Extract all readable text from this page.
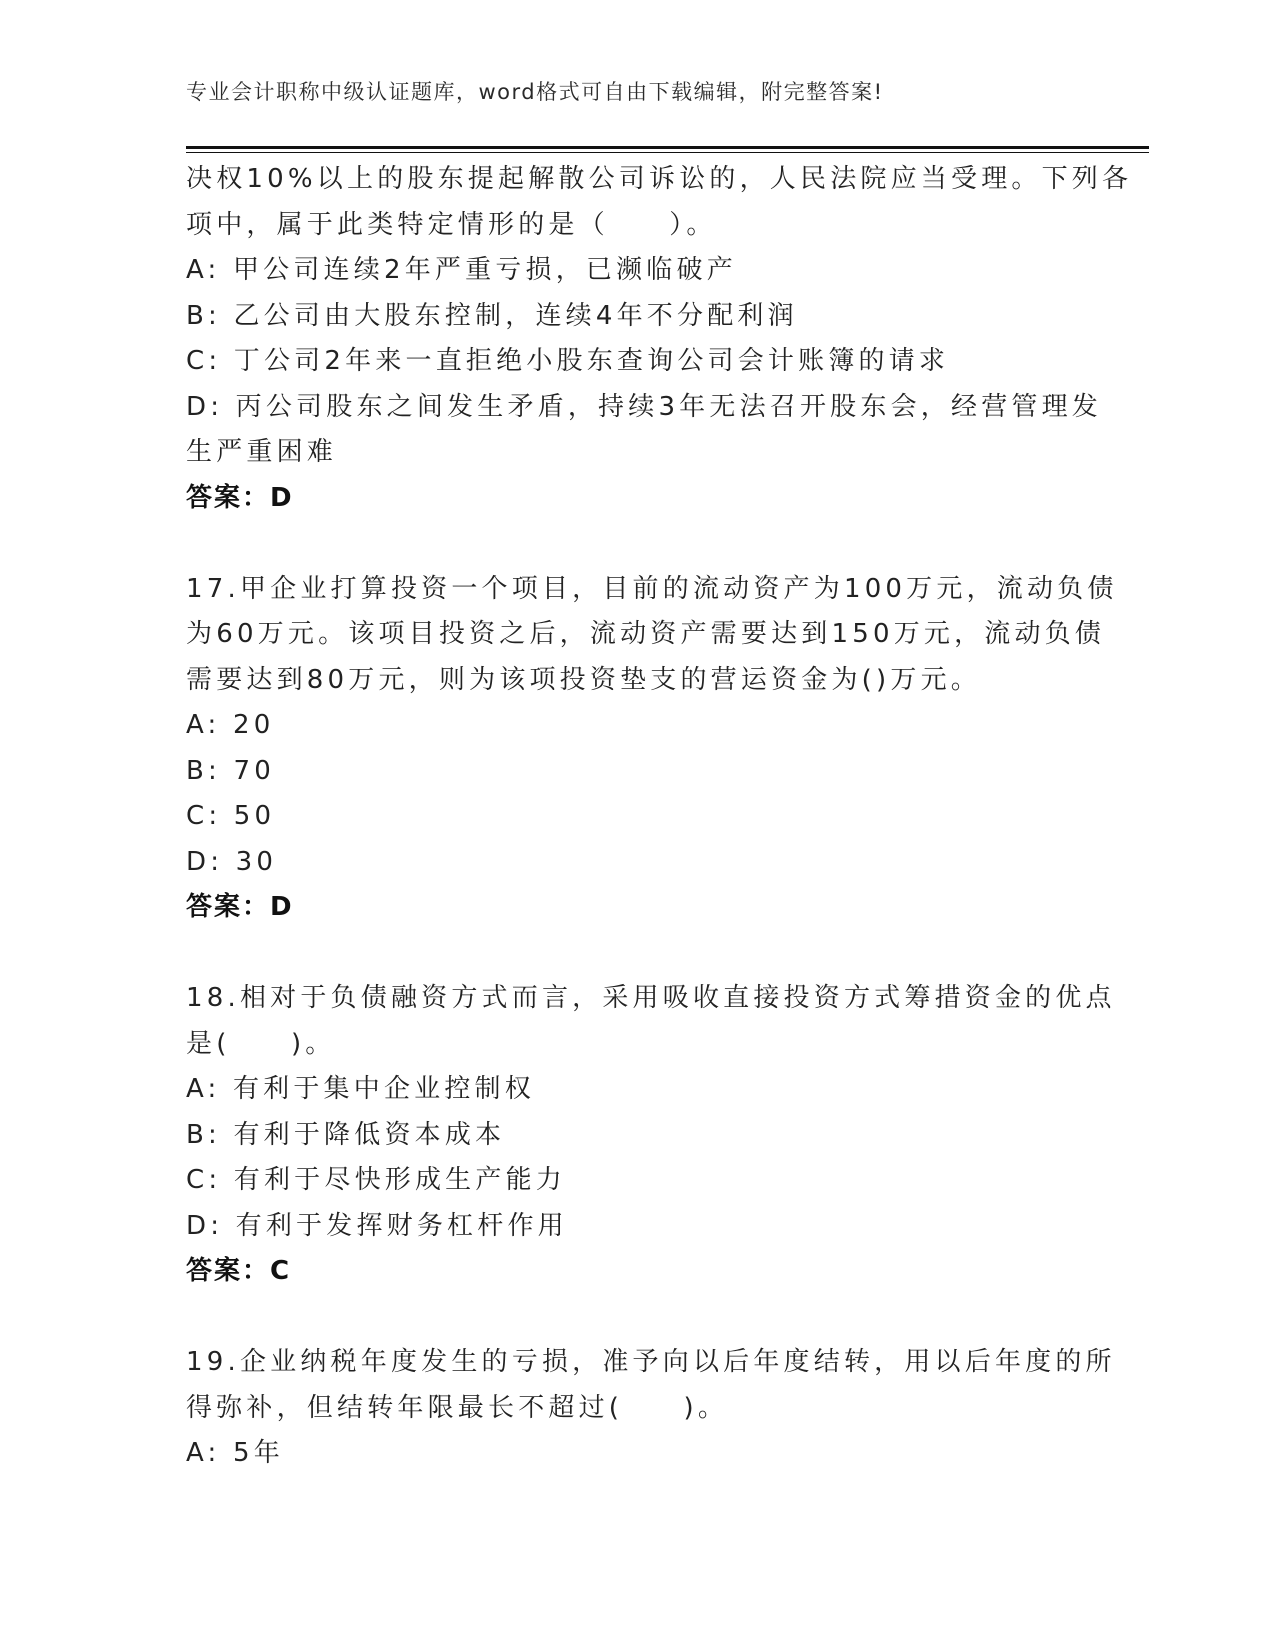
专业会计职称中级认证题库，word格式可自由下载编辑，附完整答案!
决权10%以上的股东提起解散公司诉讼的，人民法院应当受理。下列各
项中，属于此类特定情形的是（　　）。
A: 甲公司连续2年严重亏损，已濒临破产
B: 乙公司由大股东控制，连续4年不分配利润
C: 丁公司2年来一直拒绝小股东查询公司会计账簿的请求
D: 丙公司股东之间发生矛盾，持续3年无法召开股东会，经营管理发
生严重困难
答案：D
17.甲企业打算投资一个项目，目前的流动资产为100万元，流动负债
为60万元。该项目投资之后，流动资产需要达到150万元，流动负债
需要达到80万元，则为该项投资垫支的营运资金为()万元。
A: 20
B: 70
C: 50
D: 30
答案：D
18.相对于负债融资方式而言，采用吸收直接投资方式筹措资金的优点
是(　　)。
A: 有利于集中企业控制权
B: 有利于降低资本成本
C: 有利于尽快形成生产能力
D: 有利于发挥财务杠杆作用
答案：C
19.企业纳税年度发生的亏损，准予向以后年度结转，用以后年度的所
得弥补，但结转年限最长不超过(　　)。
A: 5年
